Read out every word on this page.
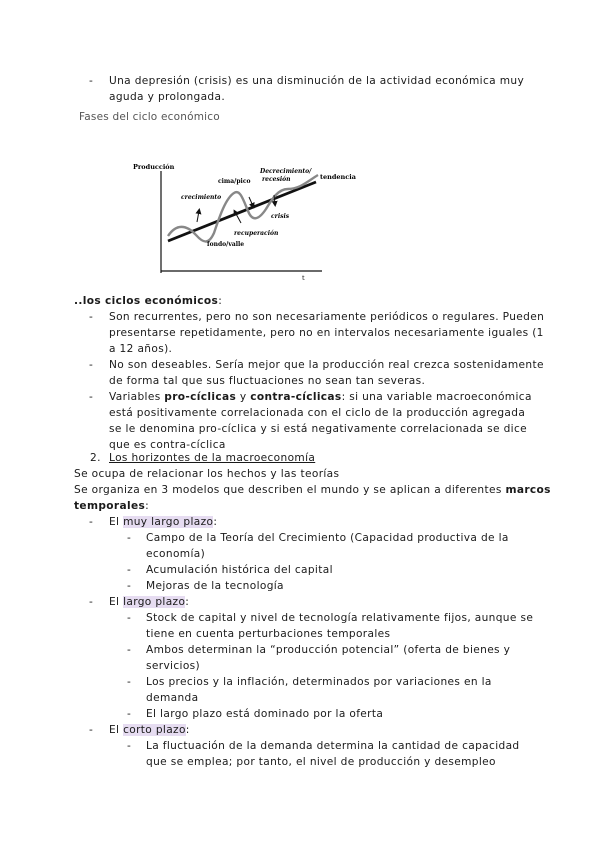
- Una depresión (crisis) es una disminución de la actividad económica muy
aguda y prolongada.
Fases del ciclo económico
Producción
t
tendencia
cima/pico
Decrecimiento/
recesión
crecimiento
crisis
recuperación
fondo/valle
..los ciclos económicos:
- Son recurrentes, pero no son necesariamente periódicos o regulares. Pueden
presentarse repetidamente, pero no en intervalos necesariamente iguales (1
a 12 años).
- No son deseables. Sería mejor que la producción real crezca sostenidamente
de forma tal que sus fluctuaciones no sean tan severas.
- Variables pro-cíclicas y contra-cíclicas: si una variable macroeconómica
está positivamente correlacionada con el ciclo de la producción agregada
se le denomina pro-cíclica y si está negativamente correlacionada se dice
que es contra-cíclica
2. Los horizontes de la macroeconomía
Se ocupa de relacionar los hechos y las teorías
Se organiza en 3 modelos que describen el mundo y se aplican a diferentes marcos
temporales:
- El muy largo plazo:
- Campo de la Teoría del Crecimiento (Capacidad productiva de la
economía)
- Acumulación histórica del capital
- Mejoras de la tecnología
- El largo plazo:
- Stock de capital y nivel de tecnología relativamente fijos, aunque se
tiene en cuenta perturbaciones temporales
- Ambos determinan la “producción potencial” (oferta de bienes y
servicios)
- Los precios y la inflación, determinados por variaciones en la
demanda
- El largo plazo está dominado por la oferta
- El corto plazo:
- La fluctuación de la demanda determina la cantidad de capacidad
que se emplea; por tanto, el nivel de producción y desempleo
